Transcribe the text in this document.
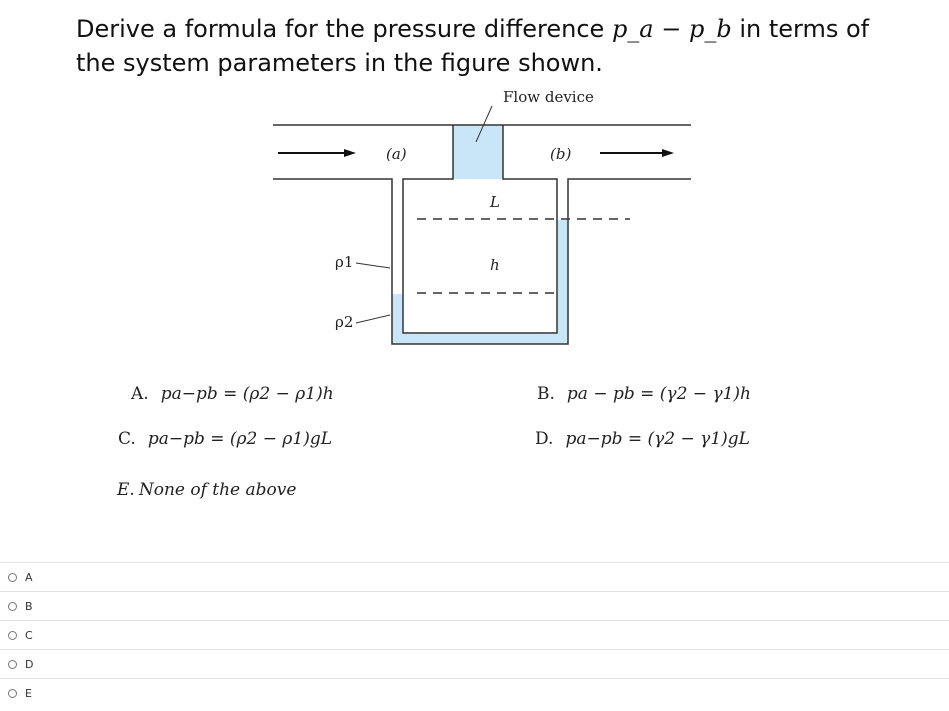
Derive a formula for the pressure difference p_a − p_b in terms of the system parameters in the figure shown.
Flow device
(a)	(b)
L
h
ρ1
ρ2
A. pa−pb = (ρ2 − ρ1)h	B. pa − pb = (γ2 − γ1)h
C. pa−pb = (ρ2 − ρ1)gL	D. pa−pb = (γ2 − γ1)gL
E. None of the above
A
B
C
D
E
